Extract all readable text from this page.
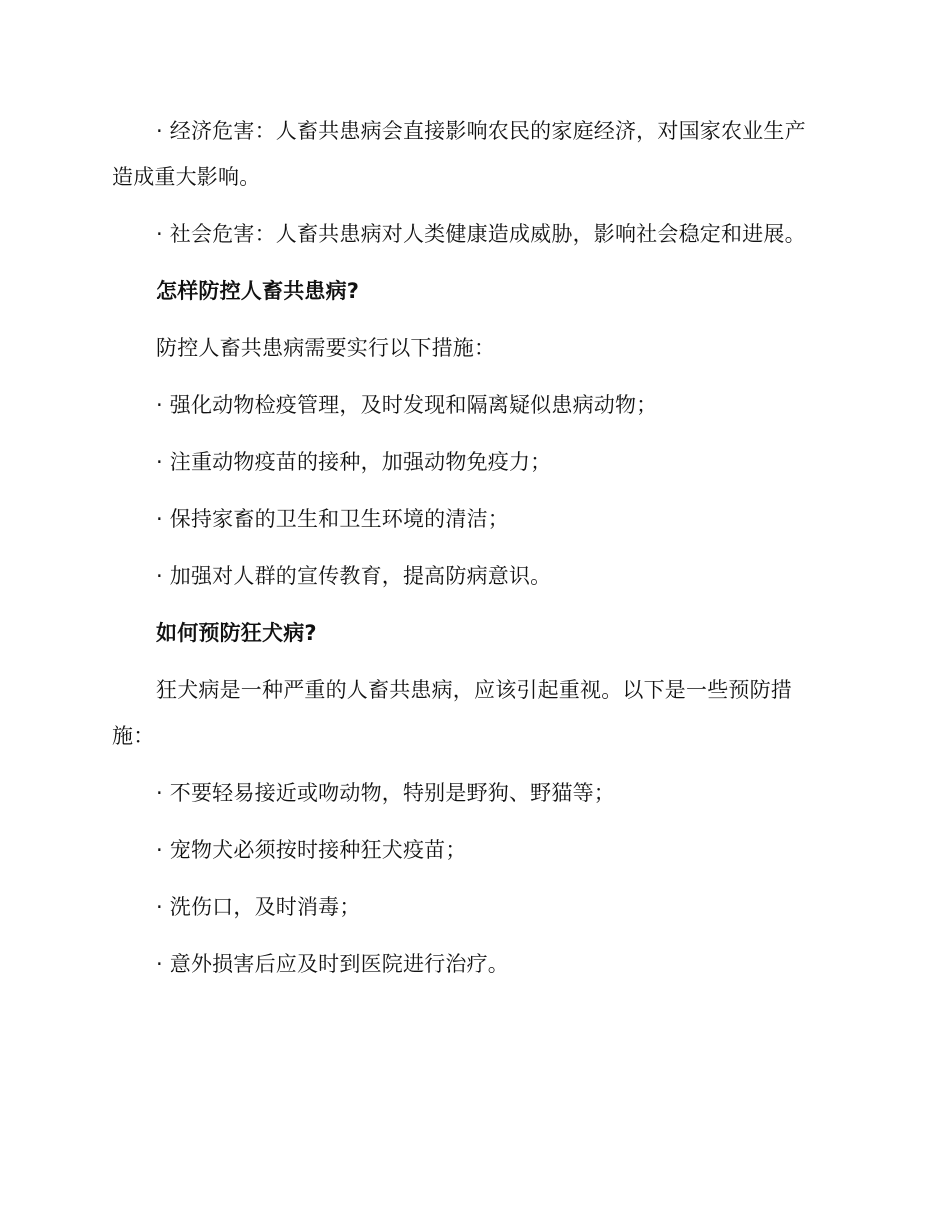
· 经济危害：人畜共患病会直接影响农民的家庭经济，对国家农业生产造成重大影响。

· 社会危害：人畜共患病对人类健康造成威胁，影响社会稳定和进展。

怎样防控人畜共患病?

防控人畜共患病需要实行以下措施：

· 强化动物检疫管理，及时发现和隔离疑似患病动物；

· 注重动物疫苗的接种，加强动物免疫力；

· 保持家畜的卫生和卫生环境的清洁；

· 加强对人群的宣传教育，提高防病意识。

如何预防狂犬病?

狂犬病是一种严重的人畜共患病，应该引起重视。以下是一些预防措施：

· 不要轻易接近或吻动物，特别是野狗、野猫等；

· 宠物犬必须按时接种狂犬疫苗；

· 洗伤口，及时消毒；

· 意外损害后应及时到医院进行治疗。
